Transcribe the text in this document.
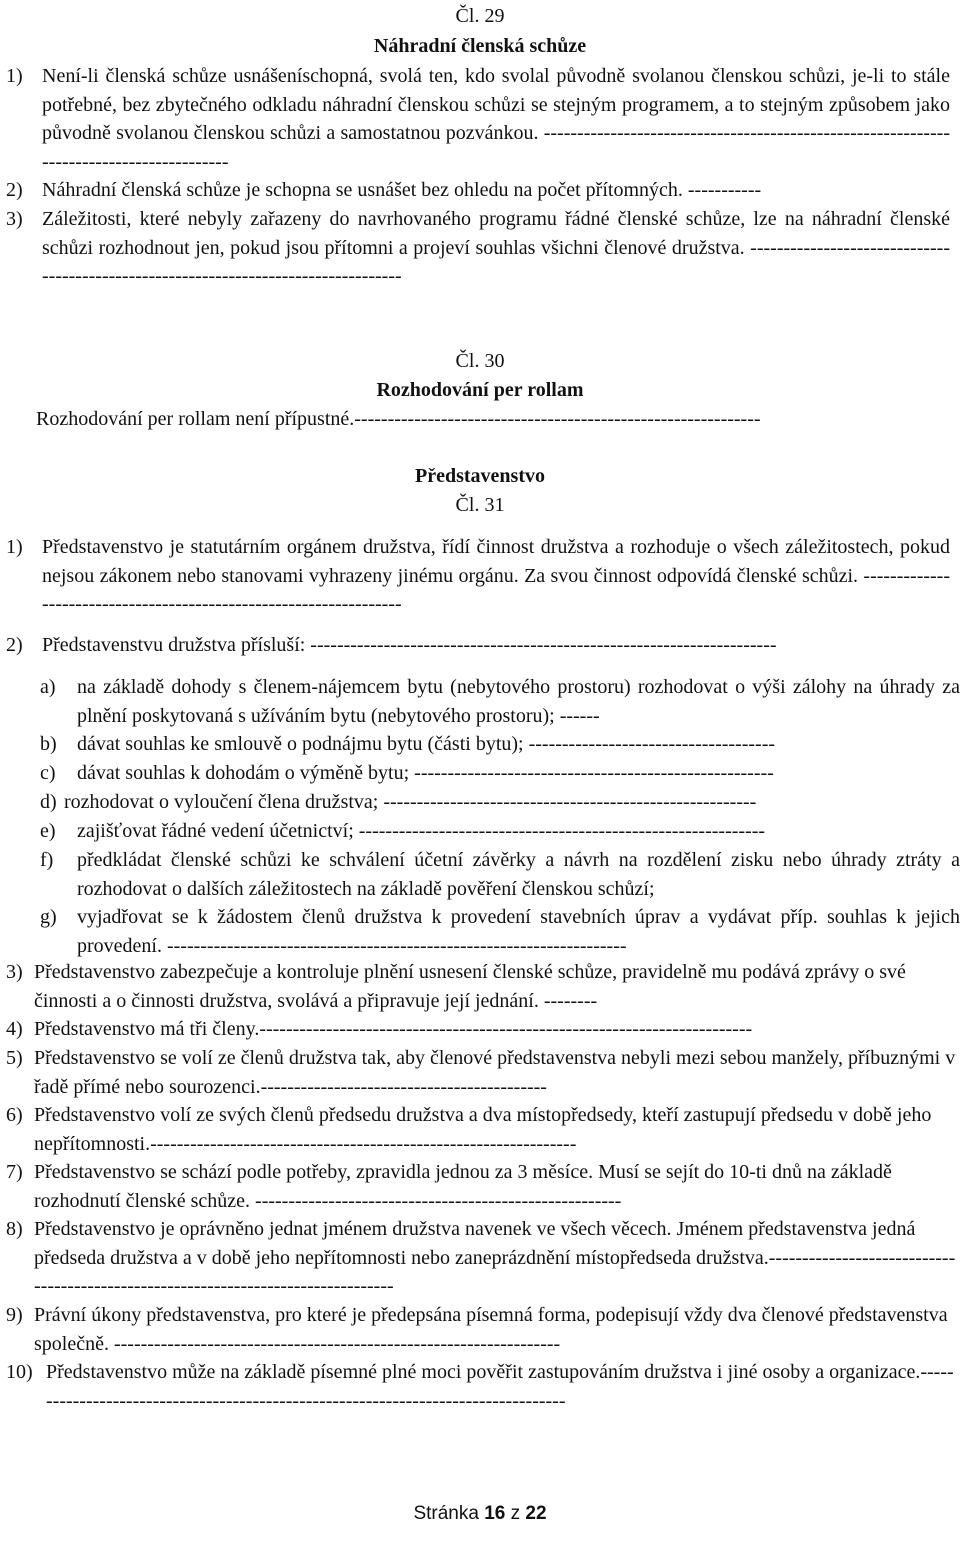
Čl. 29
Náhradní členská schůze
1) Není-li členská schůze usnášeníschopná, svolá ten, kdo svolal původně svolanou členskou schůzi, je-li to stále potřebné, bez zbytečného odkladu náhradní členskou schůzi se stejným programem, a to stejným způsobem jako původně svolanou členskou schůzi a samostatnou pozvánkou. -----------------------------------------------------------------------------------------
2) Náhradní členská schůze je schopna se usnášet bez ohledu na počet přítomných. -----------
3) Záležitosti, které nebyly zařazeny do navrhovaného programu řádné členské schůze, lze na náhradní členské schůzi rozhodnout jen, pokud jsou přítomni a projeví souhlas všichni členové družstva. ------------------------------------------------------------------------------------
Čl. 30
Rozhodování per rollam
Rozhodování per rollam není přípustné.-------------------------------------------------------------
Představenstvo
Čl. 31
1) Představenstvo je statutárním orgánem družstva, řídí činnost družstva a rozhoduje o všech záležitostech, pokud nejsou zákonem nebo stanovami vyhrazeny jinému orgánu. Za svou činnost odpovídá členské schůzi. -------------------------------------------------------------------
2) Představenstvu družstva přísluší: ----------------------------------------------------------------------
a) na základě dohody s členem-nájemcem bytu (nebytového prostoru) rozhodovat o výši zálohy na úhrady za plnění poskytovaná s užíváním bytu (nebytového prostoru); ------
b) dávat souhlas ke smlouvě o podnájmu bytu (části bytu); -------------------------------------
c) dávat souhlas k dohodám o výměně bytu; ------------------------------------------------------
d) rozhodovat o vyloučení člena družstva; --------------------------------------------------------
e) zajišťovat řádné vedení účetnictví; -------------------------------------------------------------
f) předkládat členské schůzi ke schválení účetní závěrky a návrh na rozdělení zisku nebo úhrady ztráty a rozhodovat o dalších záležitostech na základě pověření členskou schůzí;
g) vyjadřovat se k žádostem členů družstva k provedení stavebních úprav a vydávat příp. souhlas k jejich provedení. ---------------------------------------------------------------------
3) Představenstvo zabezpečuje a kontroluje plnění usnesení členské schůze, pravidelně mu podává zprávy o své činnosti a o činnosti družstva, svolává a připravuje její jednání. --------
4) Představenstvo má tři členy.--------------------------------------------------------------------------
5) Představenstvo se volí ze členů družstva tak, aby členové představenstva nebyli mezi sebou manžely, příbuznými v řadě přímé nebo sourozenci.-------------------------------------------
6) Představenstvo volí ze svých členů předsedu družstva a dva místopředsedy, kteří zastupují předsedu v době jeho nepřítomnosti.----------------------------------------------------------------
7) Představenstvo se schází podle potřeby, zpravidla jednou za 3 měsíce. Musí se sejít do 10-ti dnů na základě rozhodnutí členské schůze. -------------------------------------------------------
8) Představenstvo je oprávněno jednat jménem družstva navenek ve všech věcech. Jménem představenstva jedná předseda družstva a v době jeho nepřítomnosti nebo zaneprázdnění místopředseda družstva.----------------------------------------------------------------------------------
9) Právní úkony představenstva, pro které je předepsána písemná forma, podepisují vždy dva členové představenstva společně. -------------------------------------------------------------------
10) Představenstvo může na základě písemné plné moci pověřit zastupováním družstva i jiné osoby a organizace.-----------------------------------------------------------------------------------
Stránka 16 z 22
